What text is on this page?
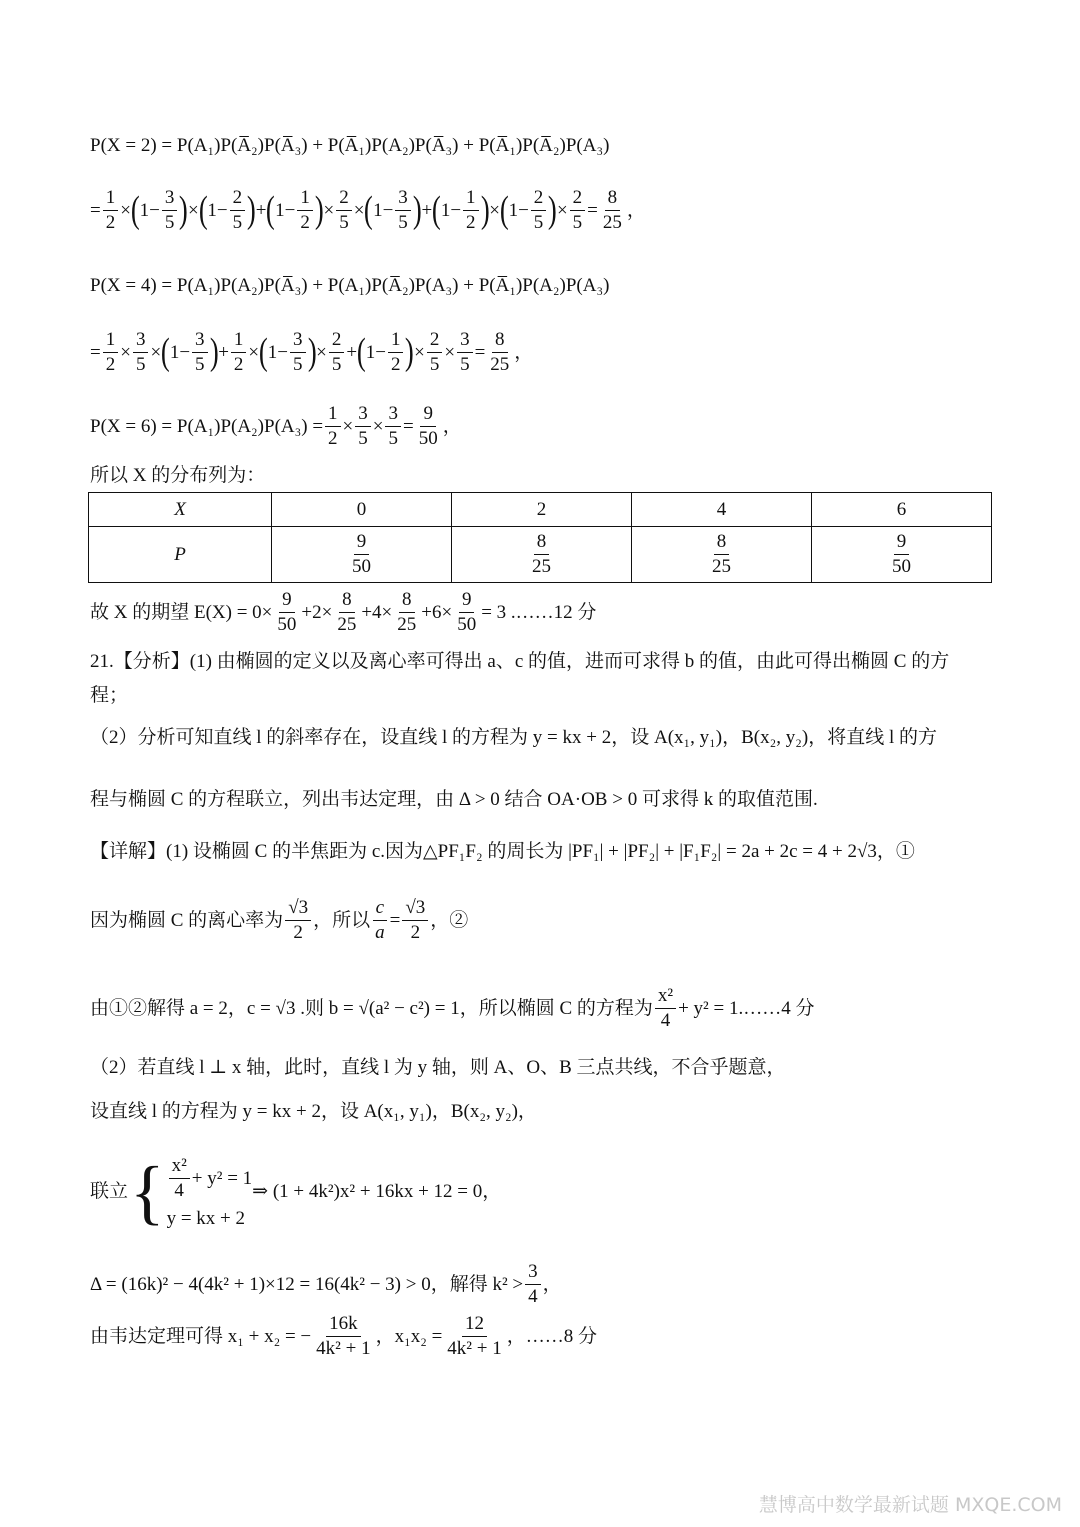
P(X = 2) = P(A₁)P(A̅₂)P(A̅₃) + P(A̅₁)P(A₂)P(A̅₃) + P(A̅₁)P(A̅₂)P(A₃)
= $\frac{1}{2}$ × ( $1- \frac{3}{5}$ ) × ( $1- \frac{2}{5}$ ) + ( $1- \frac{1}{2}$ ) × $\frac{2}{5}$ × ( $1- \frac{3}{5}$ ) + ( $1- \frac{1}{2}$ ) × ( $1- \frac{2}{5}$ ) × $\frac{2}{5} = \frac{8}{25}$ ，
P(X = 4) = P(A₁)P(A₂)P(A̅₃) + P(A₁)P(A̅₂)P(A₃) + P(A̅₁)P(A₂)P(A₃)
= $\frac{1}{2} \times \frac{3}{5}$ × ( $1- \frac{3}{5}$ ) + $\frac{1}{2}$ × ( $1- \frac{3}{5}$ ) × $\frac{2}{5}$ + ( $1- \frac{1}{2}$ ) × $\frac{2}{5} \times \frac{3}{5} = \frac{8}{25}$ ，
$P(X = 6) = P(A_1)P(A_2)P(A_3) = \frac{1}{2} \times \frac{3}{5} \times \frac{3}{5} = \frac{9}{50}$ ，
所以 X 的分布列为：
X	0	2	4	6
P	$\frac{9}{50}$	$\frac{8}{25}$	$\frac{8}{25}$	$\frac{9}{50}$
故 X 的期望 $E(X) = 0\times \frac{9}{50} +2\times \frac{8}{25} +4\times \frac{8}{25} +6\times \frac{9}{50} = 3$ .……12 分
21.【分析】(1) 由椭圆的定义以及离心率可得出 a、c 的值，进而可求得 b 的值，由此可得出椭圆 C 的方
程；
（2）分析可知直线 l 的斜率存在，设直线 l 的方程为 y = kx + 2，设 A(x₁, y₁)，B(x₂, y₂)，将直线 l 的方
程与椭圆 C 的方程联立，列出韦达定理，由 Δ > 0 结合 OA·OB > 0 可求得 k 的取值范围.
【详解】(1) 设椭圆 C 的半焦距为 c.因为△PF₁F₂ 的周长为 |PF₁| + |PF₂| + |F₁F₂| = 2a + 2c = 4 + 2√3，①
因为椭圆 C 的离心率为 $\frac{√3}{2}$ ，所以 $\frac{c}{a} = \frac{√3}{2}$ ，②
由①②解得 a = 2，c = √3 .则 b = √(a² − c²) = 1，所以椭圆 C 的方程为 $\frac{\text{x²}}{4} + y^2$ = 1.……4 分
（2）若直线 l ⊥ x 轴，此时，直线 l 为 y 轴，则 A、O、B 三点共线，不合乎题意，
设直线 l 的方程为 y = kx + 2，设 A(x₁, y₁)，B(x₂, y₂)，
联立 { $\frac{\text{x²}}{4} + y^2 = 1$
y = kx + 2
⇒ (1 + 4k²)x² + 16kx + 12 = 0，
Δ = (16k)² − 4(4k² + 1)×12 = 16(4k² − 3) > 0，解得 $k^2 > \frac{3}{4}$ ，
由韦达定理可得 x₁ + x₂ = − $\frac{16k}{\text{4k² + 1}}$ ，$x_1x_2 = \frac{12}{\text{4k² + 1}}$ ，……8 分
慧博高中数学最新试题 MXQE.COM
